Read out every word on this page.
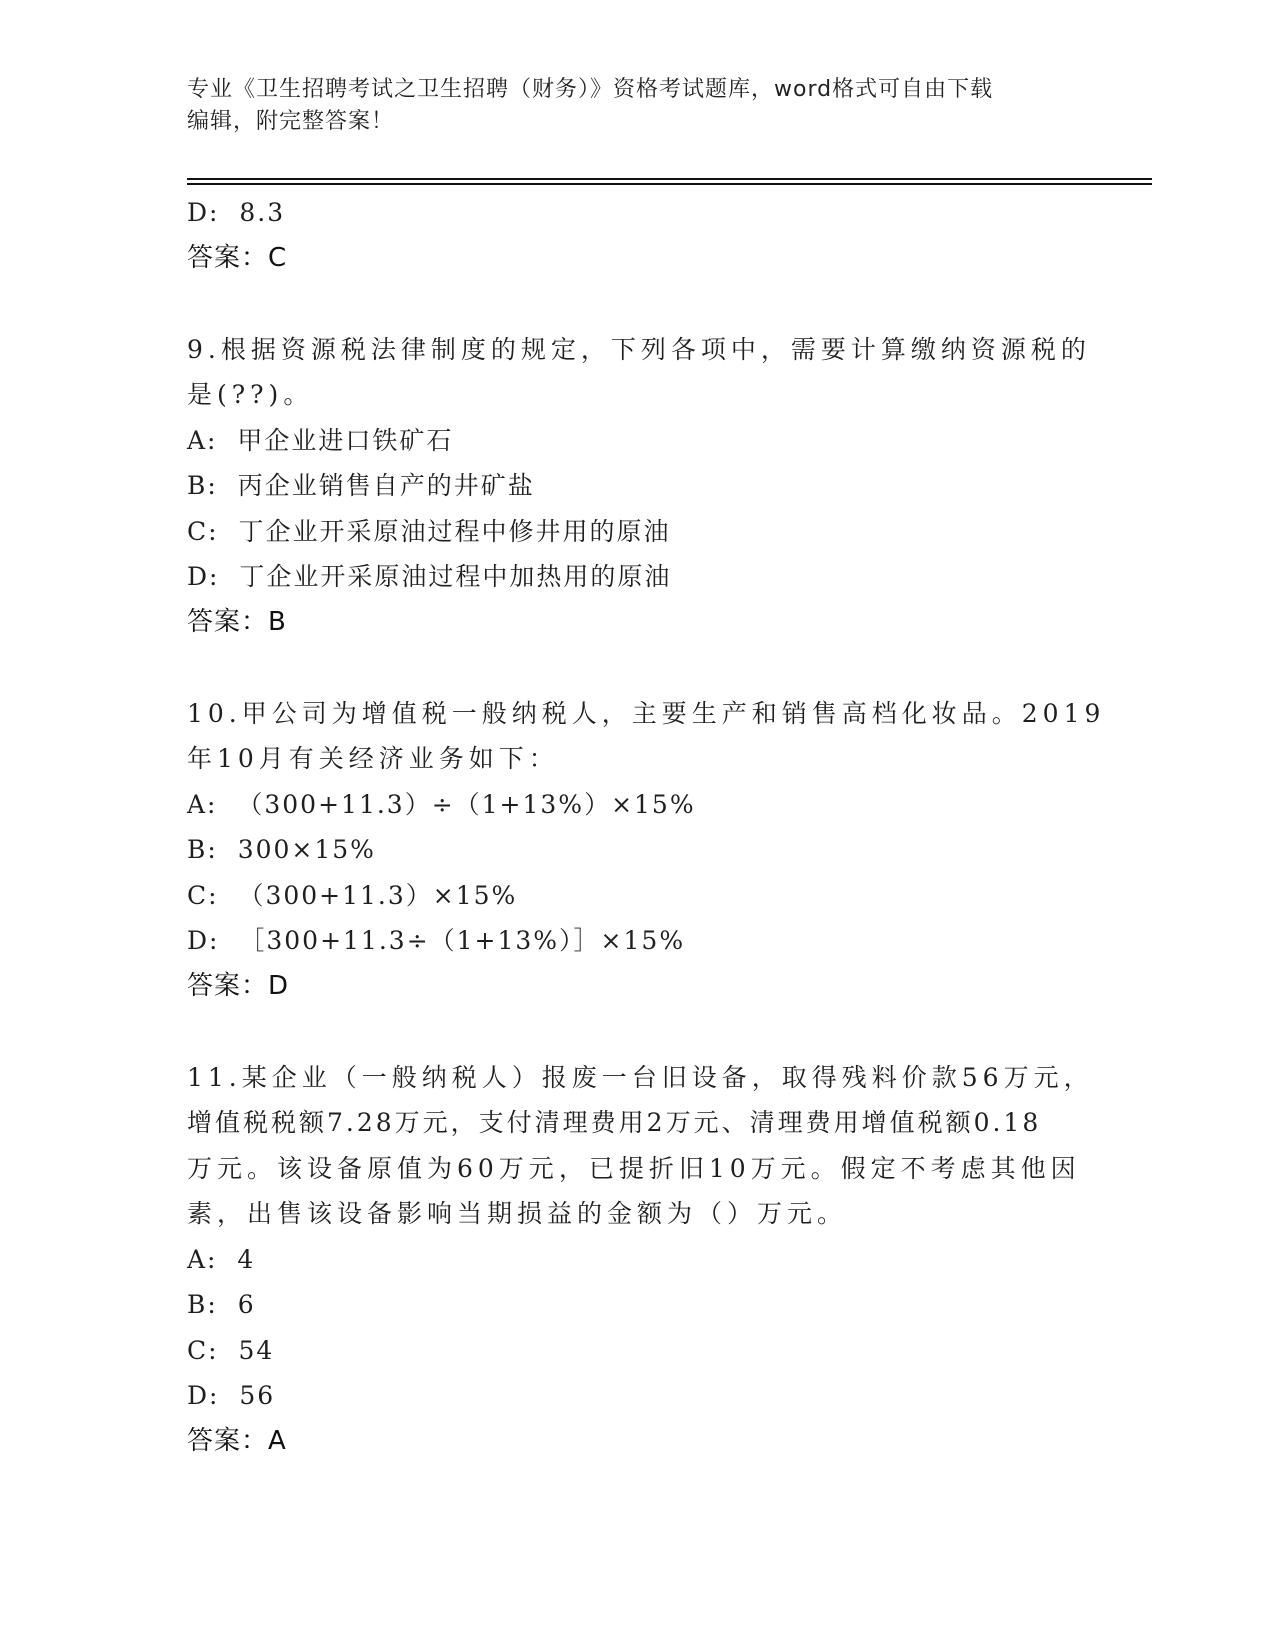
专业《卫生招聘考试之卫生招聘（财务）》资格考试题库，word格式可自由下载
编辑，附完整答案！
D:  8.3
答案：C
9.根据资源税法律制度的规定，下列各项中，需要计算缴纳资源税的
是(??)。
A:  甲企业进口铁矿石
B:  丙企业销售自产的井矿盐
C:  丁企业开采原油过程中修井用的原油
D:  丁企业开采原油过程中加热用的原油
答案：B
10.甲公司为增值税一般纳税人，主要生产和销售高档化妆品。2019
年10月有关经济业务如下：
A:  （300+11.3）÷（1+13%）×15%
B:  300×15%
C:  （300+11.3）×15%
D:  ［300+11.3÷（1+13%）］×15%
答案：D
11.某企业（一般纳税人）报废一台旧设备，取得残料价款56万元，
增值税税额7.28万元，支付清理费用2万元、清理费用增值税额0.18
万元。该设备原值为60万元，已提折旧10万元。假定不考虑其他因
素，出售该设备影响当期损益的金额为（）万元。
A:  4
B:  6
C:  54
D:  56
答案：A
